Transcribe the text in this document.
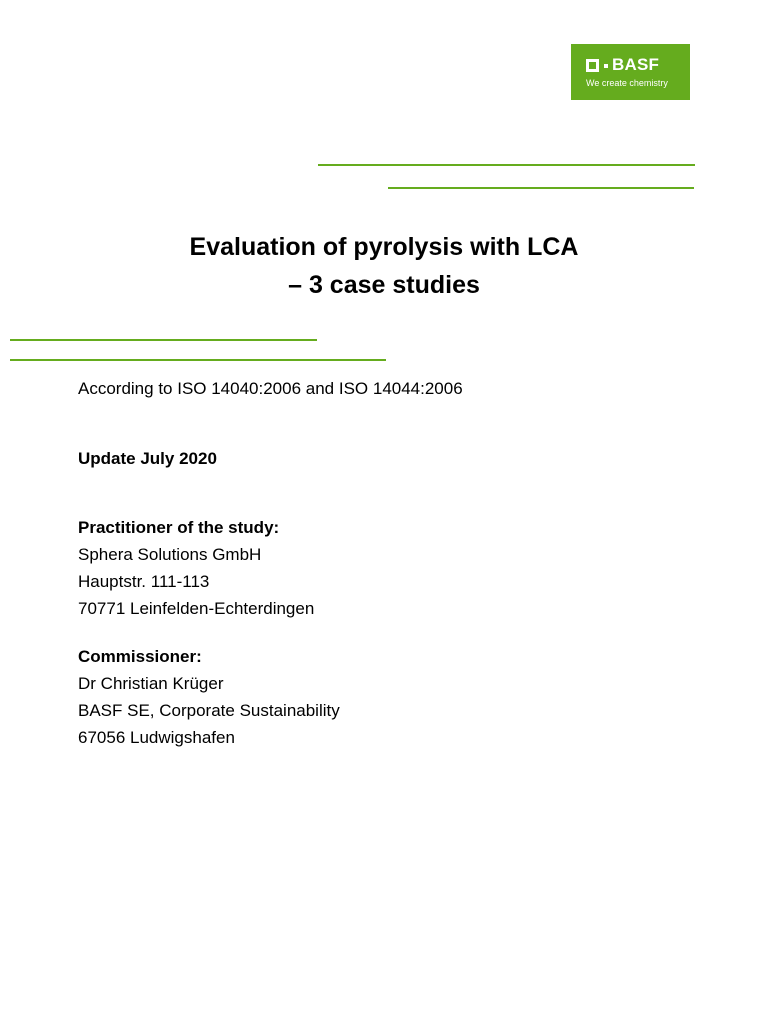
BASF
We create chemistry
Evaluation of pyrolysis with LCA
– 3 case studies

According to ISO 14040:2006 and ISO 14044:2006

Update July 2020

Practitioner of the study:

Sphera Solutions GmbH

Hauptstr. 111-113

70771 Leinfelden-Echterdingen

Commissioner:

Dr Christian Krüger

BASF SE, Corporate Sustainability

67056 Ludwigshafen
